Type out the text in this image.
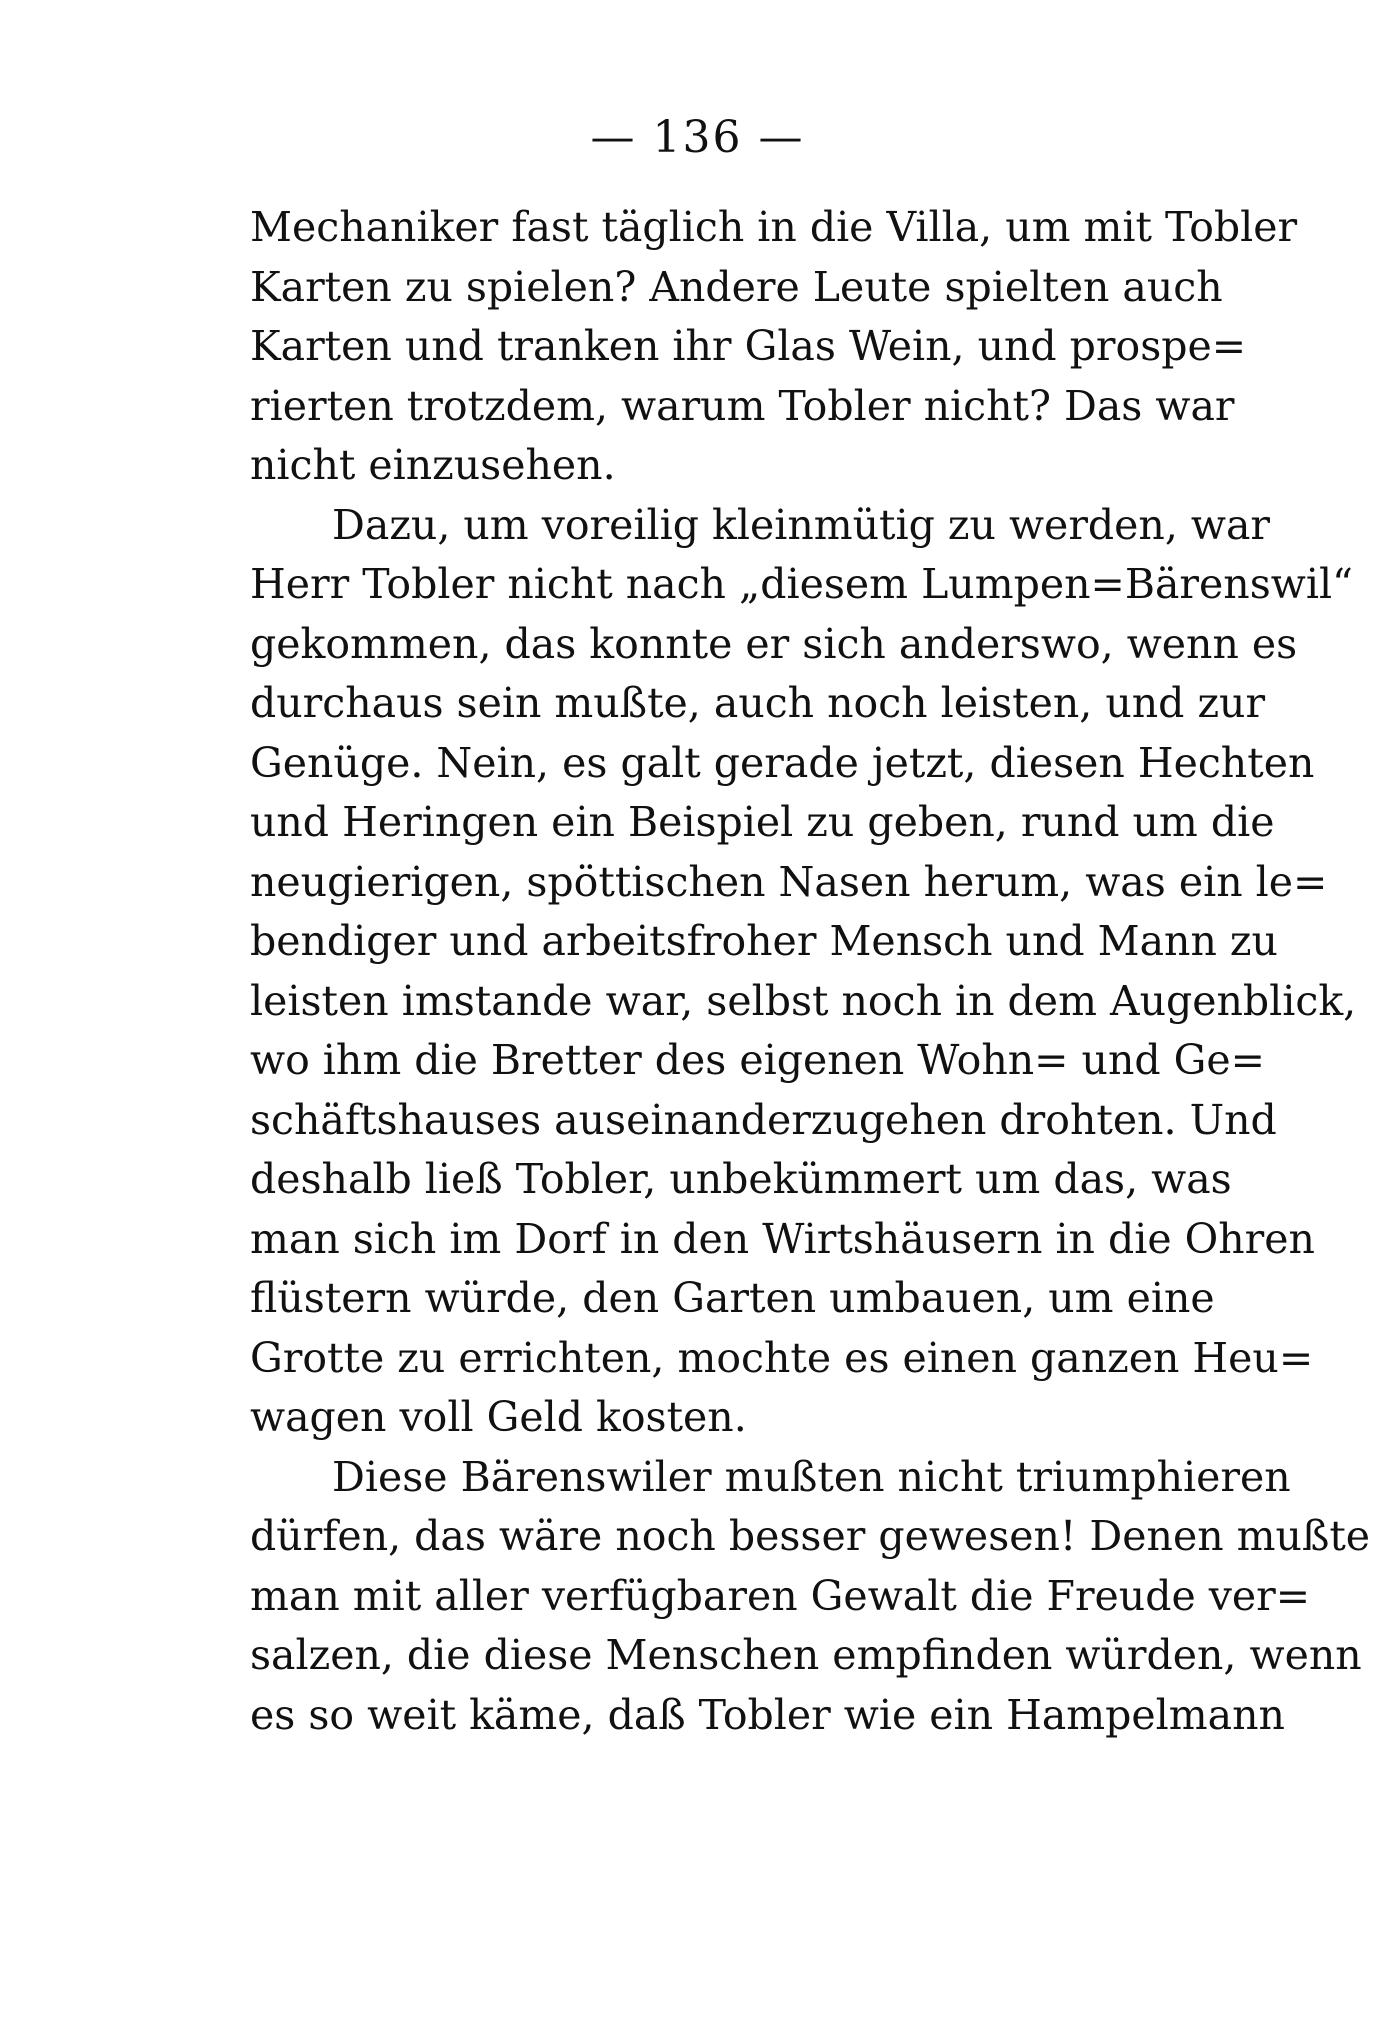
— 136 —
Mechaniker fast täglich in die Villa, um mit Tobler
Karten zu spielen? Andere Leute spielten auch
Karten und tranken ihr Glas Wein, und prospe=
rierten trotzdem, warum Tobler nicht? Das war
nicht einzusehen.
Dazu, um voreilig kleinmütig zu werden, war
Herr Tobler nicht nach „diesem Lumpen=Bärenswil“
gekommen, das konnte er sich anderswo, wenn es
durchaus sein mußte, auch noch leisten, und zur
Genüge. Nein, es galt gerade jetzt, diesen Hechten
und Heringen ein Beispiel zu geben, rund um die
neugierigen, spöttischen Nasen herum, was ein le=
bendiger und arbeitsfroher Mensch und Mann zu
leisten imstande war, selbst noch in dem Augenblick,
wo ihm die Bretter des eigenen Wohn= und Ge=
schäftshauses auseinanderzugehen drohten. Und
deshalb ließ Tobler, unbekümmert um das, was
man sich im Dorf in den Wirtshäusern in die Ohren
flüstern würde, den Garten umbauen, um eine
Grotte zu errichten, mochte es einen ganzen Heu=
wagen voll Geld kosten.
Diese Bärenswiler mußten nicht triumphieren
dürfen, das wäre noch besser gewesen! Denen mußte
man mit aller verfügbaren Gewalt die Freude ver=
salzen, die diese Menschen empfinden würden, wenn
es so weit käme, daß Tobler wie ein Hampelmann
